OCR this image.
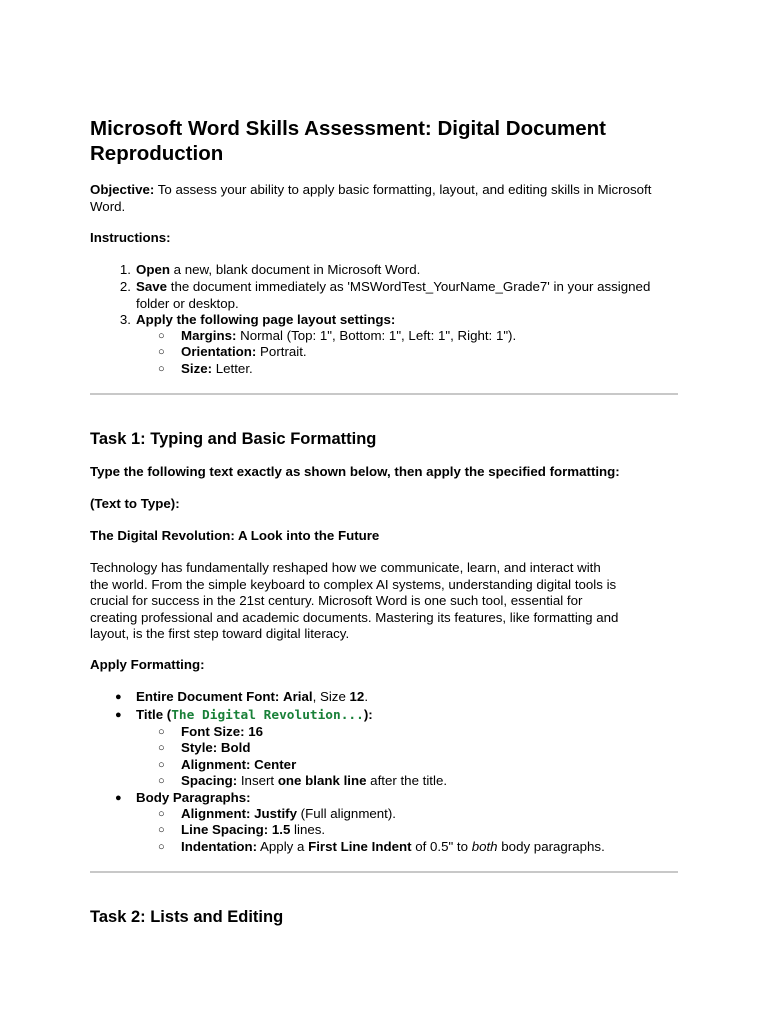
Microsoft Word Skills Assessment: Digital Document
Reproduction

Objective: To assess your ability to apply basic formatting, layout, and editing skills in Microsoft
Word.

Instructions:

1. Open a new, blank document in Microsoft Word.
2. Save the document immediately as 'MSWordTest_YourName_Grade7' in your assigned
folder or desktop.
3. Apply the following page layout settings:
○ Margins: Normal (Top: 1", Bottom: 1", Left: 1", Right: 1").
○ Orientation: Portrait.
○ Size: Letter.
Task 1: Typing and Basic Formatting

Type the following text exactly as shown below, then apply the specified formatting:

(Text to Type):

The Digital Revolution: A Look into the Future

Technology has fundamentally reshaped how we communicate, learn, and interact with
the world. From the simple keyboard to complex AI systems, understanding digital tools is
crucial for success in the 21st century. Microsoft Word is one such tool, essential for
creating professional and academic documents. Mastering its features, like formatting and
layout, is the first step toward digital literacy.

Apply Formatting:

● Entire Document Font: Arial, Size 12.
● Title (The Digital Revolution...):
○ Font Size: 16
○ Style: Bold
○ Alignment: Center
○ Spacing: Insert one blank line after the title.
● Body Paragraphs:
○ Alignment: Justify (Full alignment).
○ Line Spacing: 1.5 lines.
○ Indentation: Apply a First Line Indent of 0.5" to both body paragraphs.
Task 2: Lists and Editing
